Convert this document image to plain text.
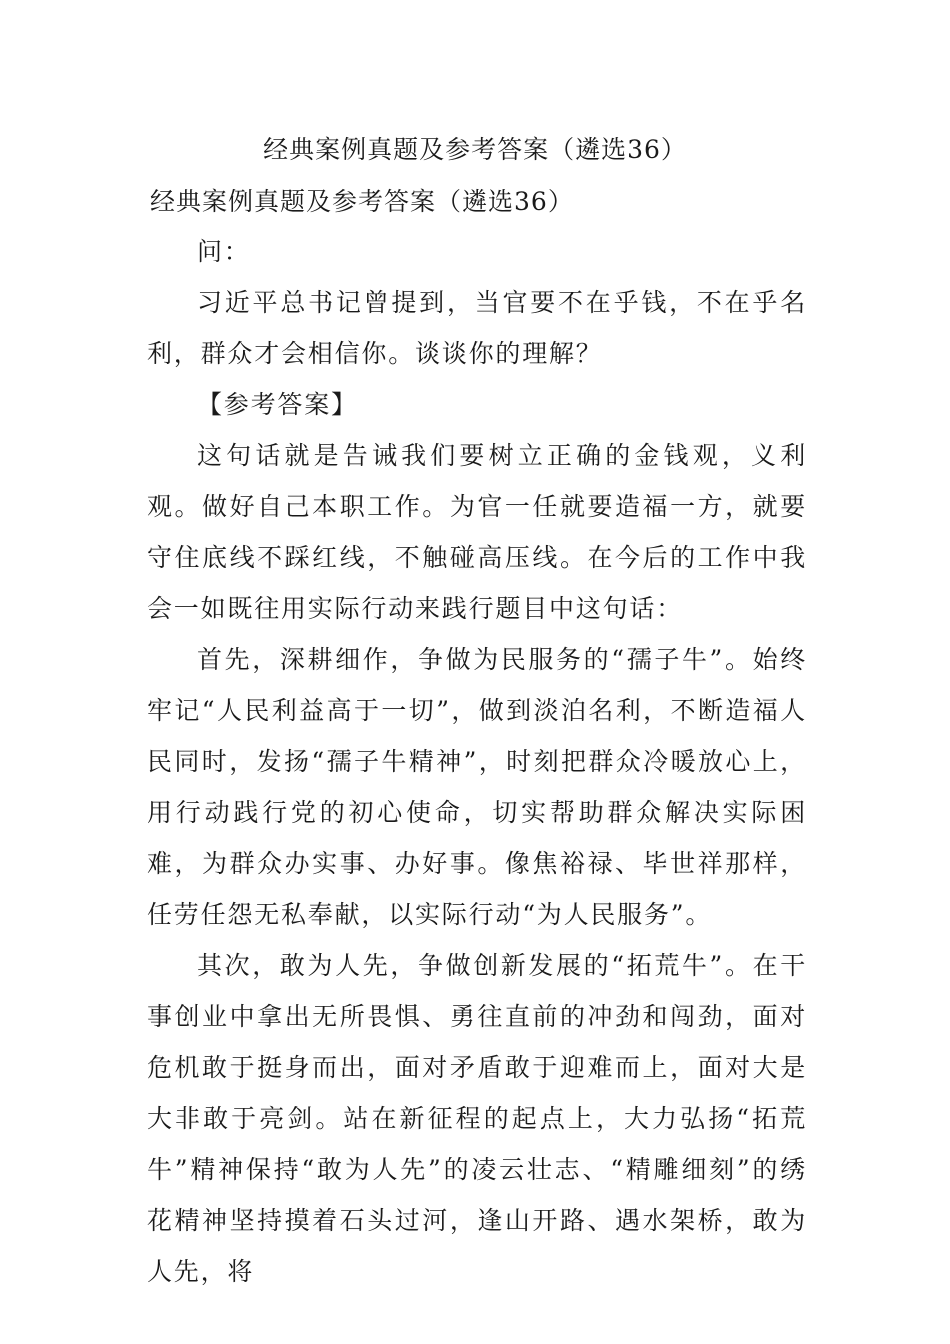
经典案例真题及参考答案（遴选36）
经典案例真题及参考答案（遴选36）

问：

习近平总书记曾提到，当官要不在乎钱，不在乎名利，群众才会相信你。谈谈你的理解？

【参考答案】

这句话就是告诫我们要树立正确的金钱观，义利观。做好自己本职工作。为官一任就要造福一方，就要守住底线不踩红线，不触碰高压线。在今后的工作中我会一如既往用实际行动来践行题目中这句话：

首先，深耕细作，争做为民服务的“孺子牛”。始终牢记“人民利益高于一切”，做到淡泊名利，不断造福人民同时，发扬“孺子牛精神”，时刻把群众冷暖放心上，用行动践行党的初心使命，切实帮助群众解决实际困难，为群众办实事、办好事。像焦裕禄、毕世祥那样，任劳任怨无私奉献，以实际行动“为人民服务”。

其次，敢为人先，争做创新发展的“拓荒牛”。在干事创业中拿出无所畏惧、勇往直前的冲劲和闯劲，面对危机敢于挺身而出，面对矛盾敢于迎难而上，面对大是大非敢于亮剑。站在新征程的起点上，大力弘扬“拓荒牛”精神保持“敢为人先”的凌云壮志、“精雕细刻”的绣花精神坚持摸着石头过河，逢山开路、遇水架桥，敢为人先，将
